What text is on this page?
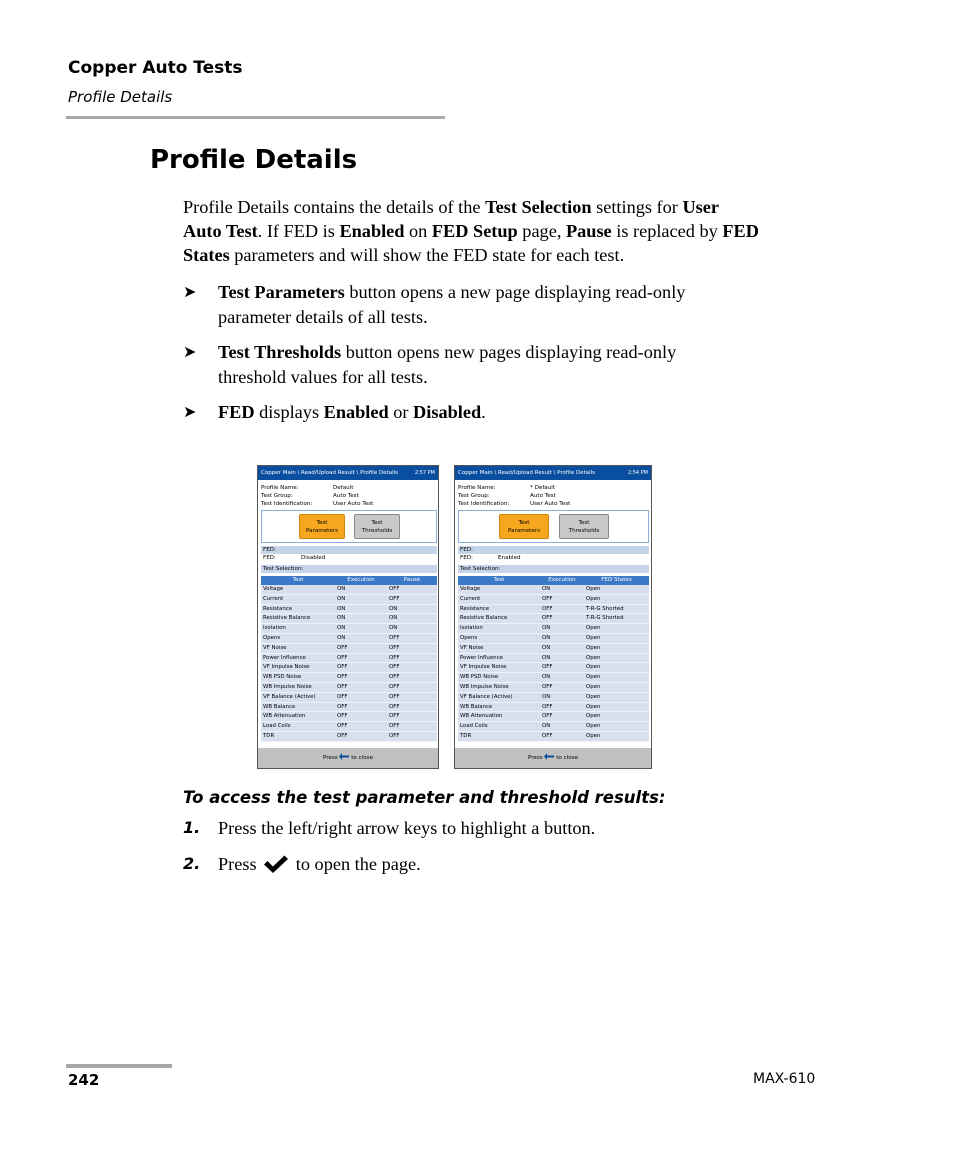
Copper Auto Tests
Profile Details
Profile Details
Profile Details contains the details of the Test Selection settings for User
Auto Test. If FED is Enabled on FED Setup page, Pause is replaced by FED
States parameters and will show the FED state for each test.
➤ Test Parameters button opens a new page displaying read-only
parameter details of all tests.
➤ Test Thresholds button opens new pages displaying read-only
threshold values for all tests.
➤ FED displays Enabled or Disabled.
Copper Main \ Read/Upload Result \ Profile Details	2:57 PM
Profile Name:	Default
Test Group:	Auto Test
Test Identification:	User Auto Test
Test
Parameters
Test
Thresholds
FED:
FED:	Disabled
Test Selection:
Test	Execution	Pause
Voltage	ON	OFF
Current	ON	OFF
Resistance	ON	ON
Resistive Balance	ON	ON
Isolation	ON	ON
Opens	ON	OFF
VF Noise	OFF	OFF
Power Influence	OFF	OFF
VF Impulse Noise	OFF	OFF
WB PSD Noise	OFF	OFF
WB Impulse Noise	OFF	OFF
VF Balance (Active)	OFF	OFF
WB Balance	OFF	OFF
WB Attenuation	OFF	OFF
Load Coils	OFF	OFF
TDR	OFF	OFF
Press to close
Copper Main \ Read/Upload Result \ Profile Details	2:54 PM
Profile Name:	* Default
Test Group:	Auto Test
Test Identification:	User Auto Test
Test
Parameters
Test
Thresholds
FED:
FED:	Enabled
Test Selection:
Test	Execution	FED States
Voltage	ON	Open
Current	OFF	Open
Resistance	OFF	T-R-G Shorted
Resistive Balance	OFF	T-R-G Shorted
Isolation	ON	Open
Opens	ON	Open
VF Noise	ON	Open
Power Influence	ON	Open
VF Impulse Noise	OFF	Open
WB PSD Noise	ON	Open
WB Impulse Noise	OFF	Open
VF Balance (Active)	ON	Open
WB Balance	OFF	Open
WB Attenuation	OFF	Open
Load Coils	ON	Open
TDR	OFF	Open
Press to close
To access the test parameter and threshold results:
1. Press the left/right arrow keys to highlight a button.
2. Press to open the page.
242	MAX-610
